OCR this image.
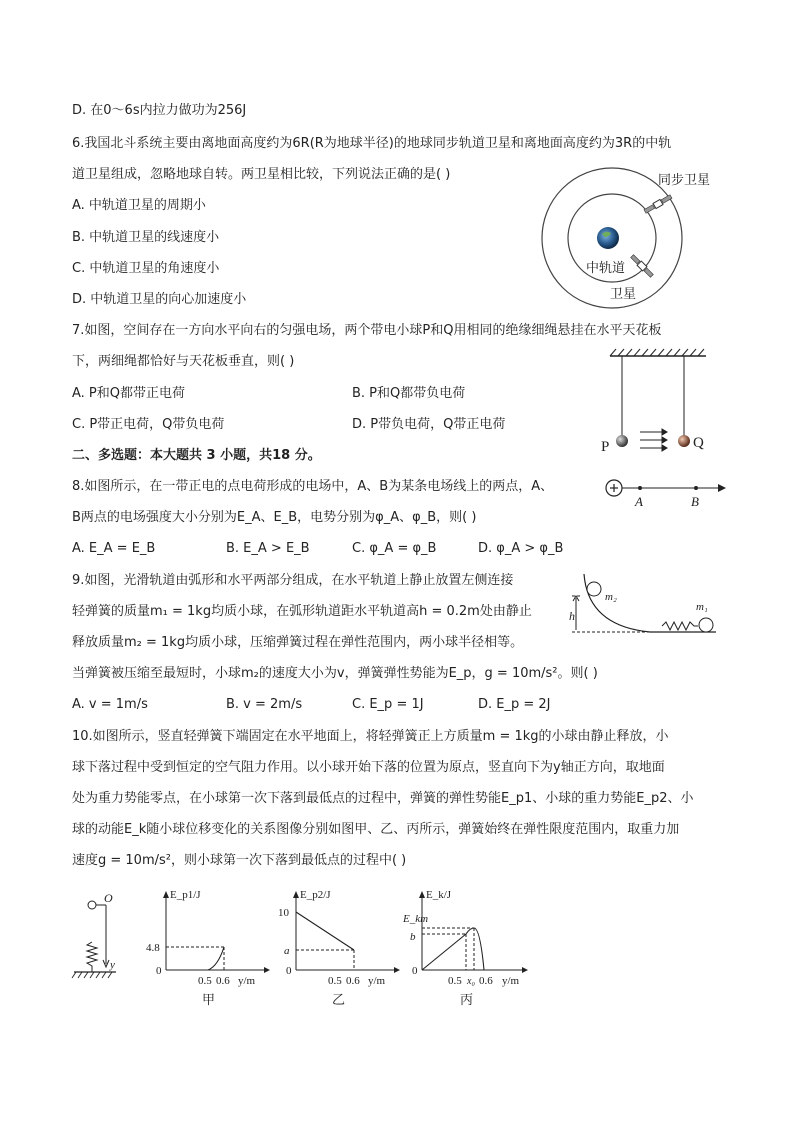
D. 在0～6s内拉力做功为256J
6.我国北斗系统主要由离地面高度约为6R(R为地球半径)的地球同步轨道卫星和离地面高度约为3R的中轨
道卫星组成，忽略地球自转。两卫星相比较，下列说法正确的是( )
A. 中轨道卫星的周期小
B. 中轨道卫星的线速度小
C. 中轨道卫星的角速度小
D. 中轨道卫星的向心加速度小
同步卫星
中轨道
卫星
7.如图，空间存在一方向水平向右的匀强电场，两个带电小球P和Q用相同的绝缘细绳悬挂在水平天花板
下，两细绳都恰好与天花板垂直，则( )
A. P和Q都带正电荷	B. P和Q都带负电荷
C. P带正电荷，Q带负电荷	D. P带负电荷，Q带正电荷
P	Q
二、多选题：本大题共 3 小题，共18 分。
8.如图所示，在一带正电的点电荷形成的电场中，A、B为某条电场线上的两点，A、
B两点的电场强度大小分别为E_A、E_B，电势分别为φ_A、φ_B，则( )
A. E_A = E_B	B. E_A > E_B	C. φ_A = φ_B	D. φ_A > φ_B
A	B
9.如图，光滑轨道由弧形和水平两部分组成，在水平轨道上静止放置左侧连接
轻弹簧的质量m₁ = 1kg均质小球，在弧形轨道距水平轨道高h = 0.2m处由静止
释放质量m₂ = 1kg均质小球，压缩弹簧过程在弹性范围内，两小球半径相等。
当弹簧被压缩至最短时，小球m₂的速度大小为v，弹簧弹性势能为E_p，g = 10m/s²。则( )
A. v = 1m/s	B. v = 2m/s	C. E_p = 1J	D. E_p = 2J
h
m₂
m₁
10.如图所示，竖直轻弹簧下端固定在水平地面上，将轻弹簧正上方质量m = 1kg的小球由静止释放，小
球下落过程中受到恒定的空气阻力作用。以小球开始下落的位置为原点，竖直向下为y轴正方向，取地面
处为重力势能零点，在小球第一次下落到最低点的过程中，弹簧的弹性势能E_p1、小球的重力势能E_p2、小
球的动能E_k随小球位移变化的关系图像分别如图甲、乙、丙所示，弹簧始终在弹性限度范围内，取重力加
速度g = 10m/s²，则小球第一次下落到最低点的过程中( )
O
y
E_p1/J
4.8
0
0.5 0.6 y/m
甲
E_p2/J
10
a
0
0.5 0.6 y/m
乙
E_k/J
E_km
b
0
0.5 x₀ 0.6 y/m
丙
